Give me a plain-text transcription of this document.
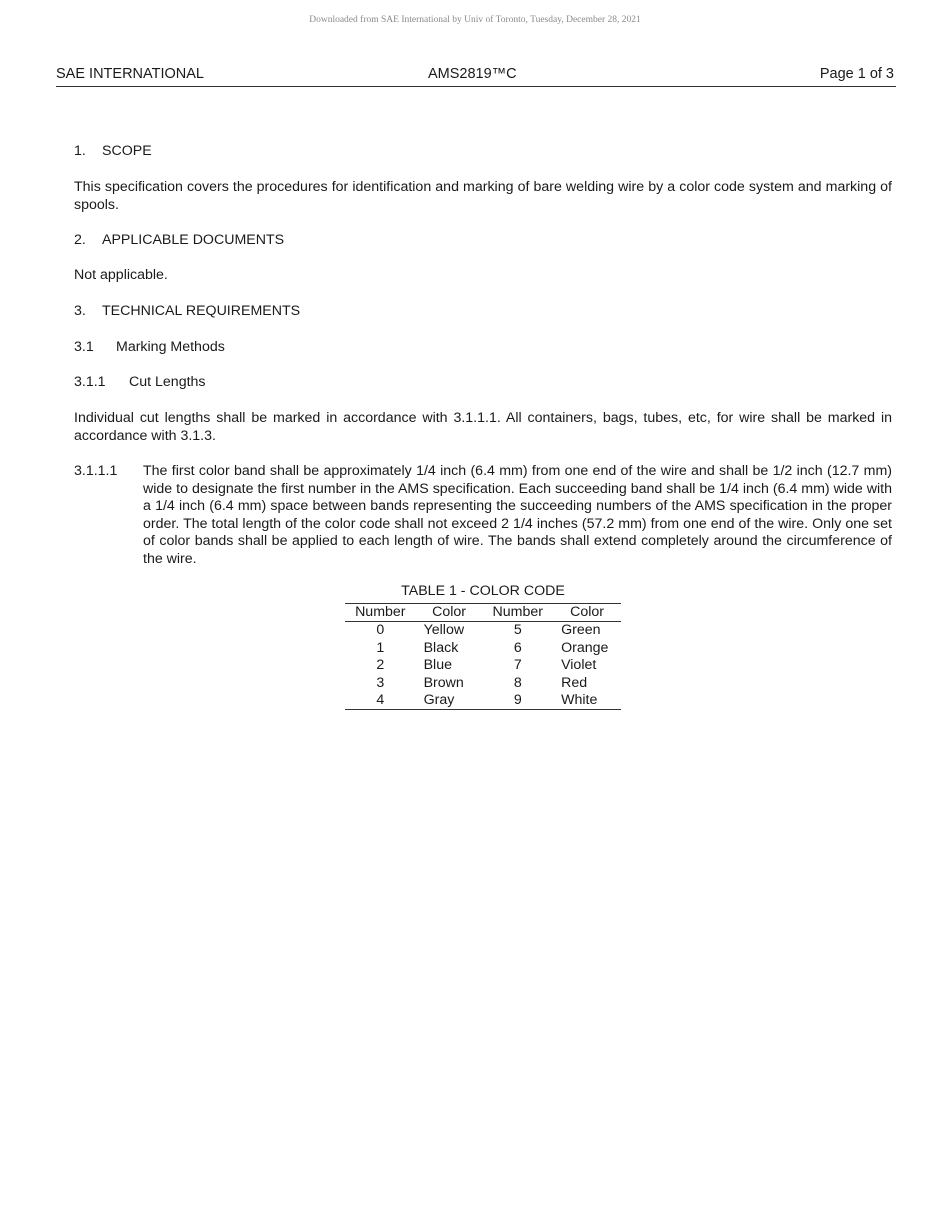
Downloaded from SAE International by Univ of Toronto, Tuesday, December 28, 2021
SAE INTERNATIONAL	AMS2819™C	Page 1 of 3
1. SCOPE

This specification covers the procedures for identification and marking of bare welding wire by a color code system and marking of spools.

2. APPLICABLE DOCUMENTS

Not applicable.

3. TECHNICAL REQUIREMENTS
3.1 Marking Methods
3.1.1 Cut Lengths

Individual cut lengths shall be marked in accordance with 3.1.1.1. All containers, bags, tubes, etc, for wire shall be marked in accordance with 3.1.3.

3.1.1.1 The first color band shall be approximately 1/4 inch (6.4 mm) from one end of the wire and shall be 1/2 inch (12.7 mm) wide to designate the first number in the AMS specification. Each succeeding band shall be 1/4 inch (6.4 mm) wide with a 1/4 inch (6.4 mm) space between bands representing the succeeding numbers of the AMS specification in the proper order. The total length of the color code shall not exceed 2 1/4 inches (57.2 mm) from one end of the wire. Only one set of color bands shall be applied to each length of wire. The bands shall extend completely around the circumference of the wire.

TABLE 1 - COLOR CODE
Number	Color	Number	Color
0	Yellow	5	Green
1	Black	6	Orange
2	Blue	7	Violet
3	Brown	8	Red
4	Gray	9	White
